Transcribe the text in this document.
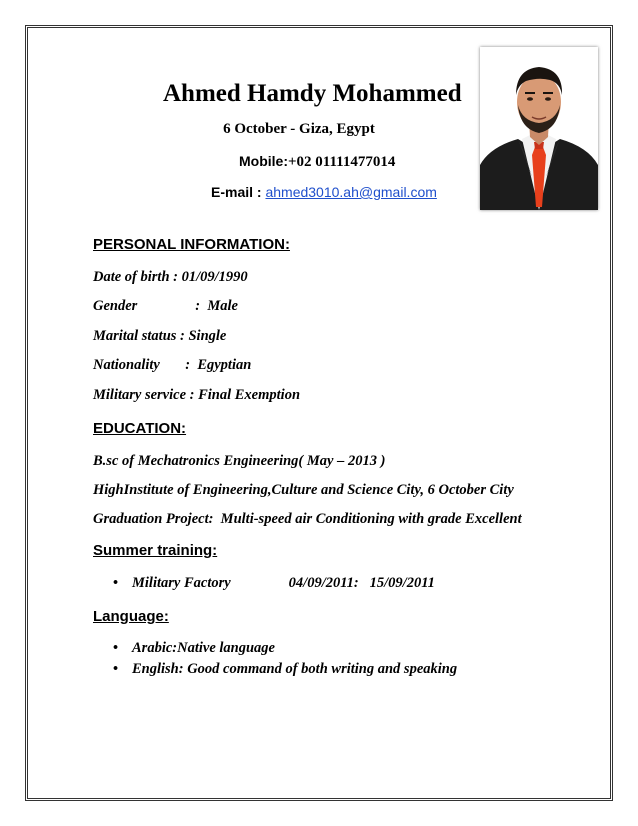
Ahmed Hamdy Mohammed
6 October - Giza, Egypt
Mobile:+02 01111477014
E-mail : ahmed3010.ah@gmail.com
PERSONAL INFORMATION:
Date of birth : 01/09/1990
Gender                :  Male
Marital status : Single
Nationality       :  Egyptian
Military service : Final Exemption
EDUCATION:
B.sc of Mechatronics Engineering( May – 2013 )
HighInstitute of Engineering,Culture and Science City, 6 October City
Graduation Project:  Multi-speed air Conditioning with grade Excellent
Summer training:

•

Military Factory                04/09/2011:   15/09/2011

Language:

•

Arabic:Native language

•

English: Good command of both writing and speaking
